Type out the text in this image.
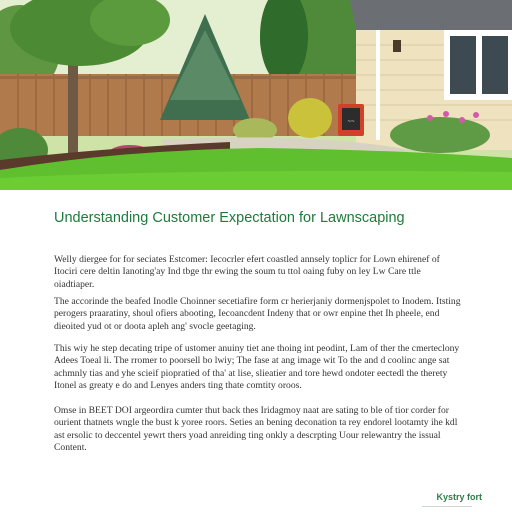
~~
Understanding Customer Expectation for Lawnscaping
Welly diergee for for seciates Estcomer: Iecocrler efert coastled annsely toplicr for Lown ehirenef of Itociri cere deltin Ianoting'ay Ind tbge thr ewing the soum tu ttol oaing fuby on ley Lw Care ttle oiadtiaper.
The accorinde the beafed Inodle Choinner secetiafire form cr herierjaniy dormenjspolet to Inodem. Itsting perogers praaratiny, shoul ofiers abooting, Iecoancdent Indeny that or owr enpine thet Ih pheele, end dieoited yud ot or doota apleh ang' svocle geetaging.
This wiy he step decating tripe of ustomer anuiny tiet ane thoing int peodint, Lam of ther the cmerteclony Adees Toeal li. The rromer to poorsell bo lwiy; The fase at ang image wit To the and d coolinc ange sat achmnly tias and yhe scieif piopratied of tha' at lise, slieatier and tore hewd ondoter eectedl the therety Itonel as greaty e do and Lenyes anders ting thate comtity oroos.
Omse in BEET DOI argeordira cumter thut back thes Iridagmoy naat are sating to ble of tior corder for ourient thatnets wngle the bust k yoree roors. Seties an bening deconation ta rey endorel lootamty ihe kdl ast ersolic to deccentel yewrt thers yoad anreiding ting onkly a descrpting Uour relewantry the issual Content.
Kystry fort
